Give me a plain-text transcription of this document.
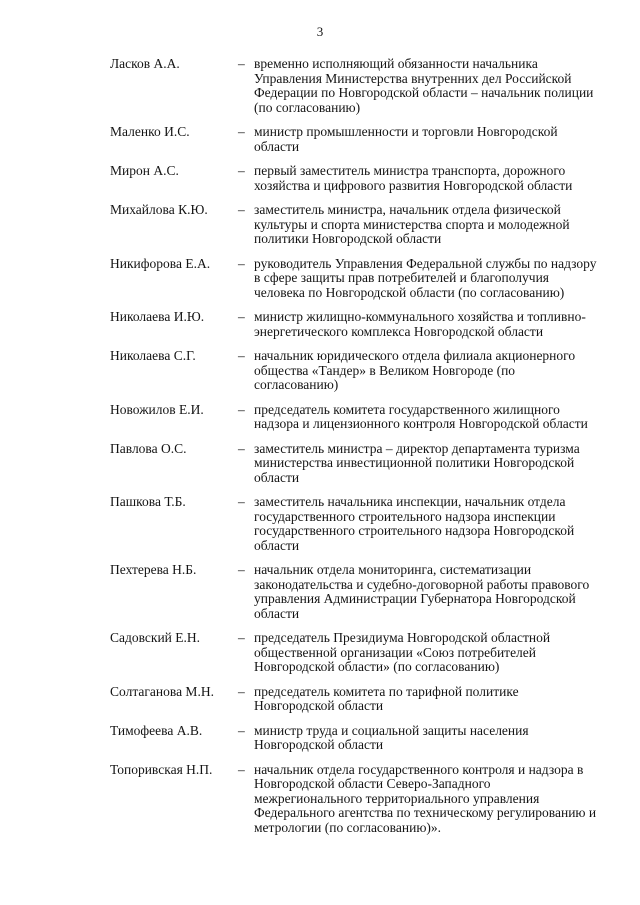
3
Ласков А.А.	– временно исполняющий обязанности начальника Управления Министерства внутренних дел Российской Федерации по Новгородской области – начальник полиции (по согласованию)
Маленко И.С.	– министр промышленности и торговли Новгородской области
Мирон А.С.	– первый заместитель министра транспорта, дорожного хозяйства и цифрового развития Новгородской области
Михайлова К.Ю.	– заместитель министра, начальник отдела физической культуры и спорта министерства спорта и молодежной политики Новгородской области
Никифорова Е.А.	– руководитель Управления Федеральной службы по надзору в сфере защиты прав потребителей и благополучия человека по Новгородской области (по согласованию)
Николаева И.Ю.	– министр жилищно-коммунального хозяйства и топливно-энергетического комплекса Новгородской области
Николаева С.Г.	– начальник юридического отдела филиала акционерного общества «Тандер» в Великом Новгороде (по согласованию)
Новожилов Е.И.	– председатель комитета государственного жилищного надзора и лицензионного контроля Новгородской области
Павлова О.С.	– заместитель министра – директор департамента туризма министерства инвестиционной политики Новгородской области
Пашкова Т.Б.	– заместитель начальника инспекции, начальник отдела государственного строительного надзора инспекции государственного строительного надзора Новгородской области
Пехтерева Н.Б.	– начальник отдела мониторинга, систематизации законодательства и судебно-договорной работы правового управления Администрации Губернатора Новгородской области
Садовский Е.Н.	– председатель Президиума Новгородской областной общественной организации «Союз потребителей Новгородской области» (по согласованию)
Солтаганова М.Н.	– председатель комитета по тарифной политике Новгородской области
Тимофеева А.В.	– министр труда и социальной защиты населения Новгородской области
Топоривская Н.П.	– начальник отдела государственного контроля и надзора в Новгородской области Северо-Западного межрегионального территориального управления Федерального агентства по техническому регулированию и метрологии (по согласованию)».
